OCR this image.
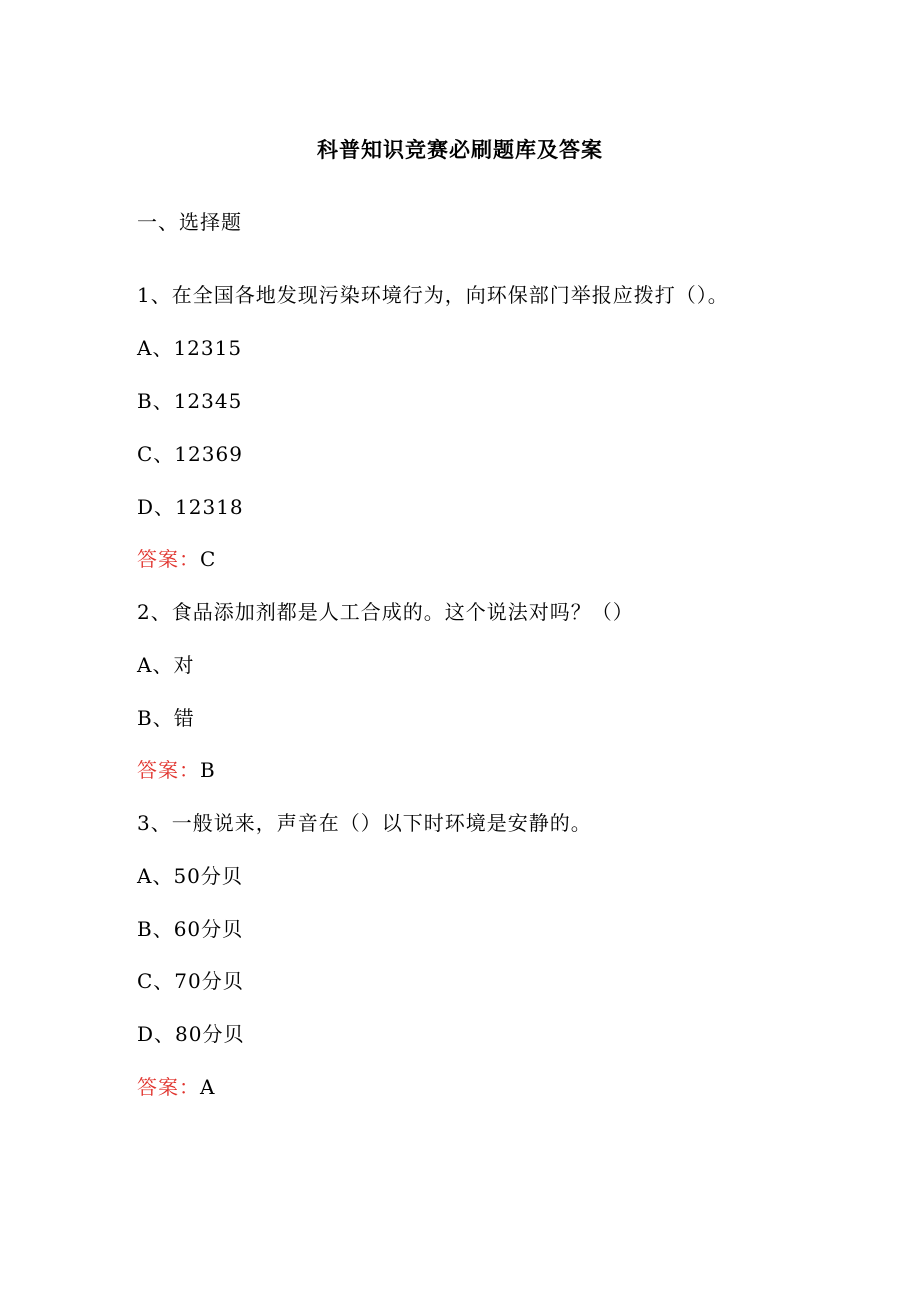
科普知识竞赛必刷题库及答案
一、选择题
1、在全国各地发现污染环境行为，向环保部门举报应拨打（）。
A、12315
B、12345
C、12369
D、12318
答案：C
2、食品添加剂都是人工合成的。这个说法对吗？（）
A、对
B、错
答案：B
3、一般说来，声音在（）以下时环境是安静的。
A、50分贝
B、60分贝
C、70分贝
D、80分贝
答案：A
